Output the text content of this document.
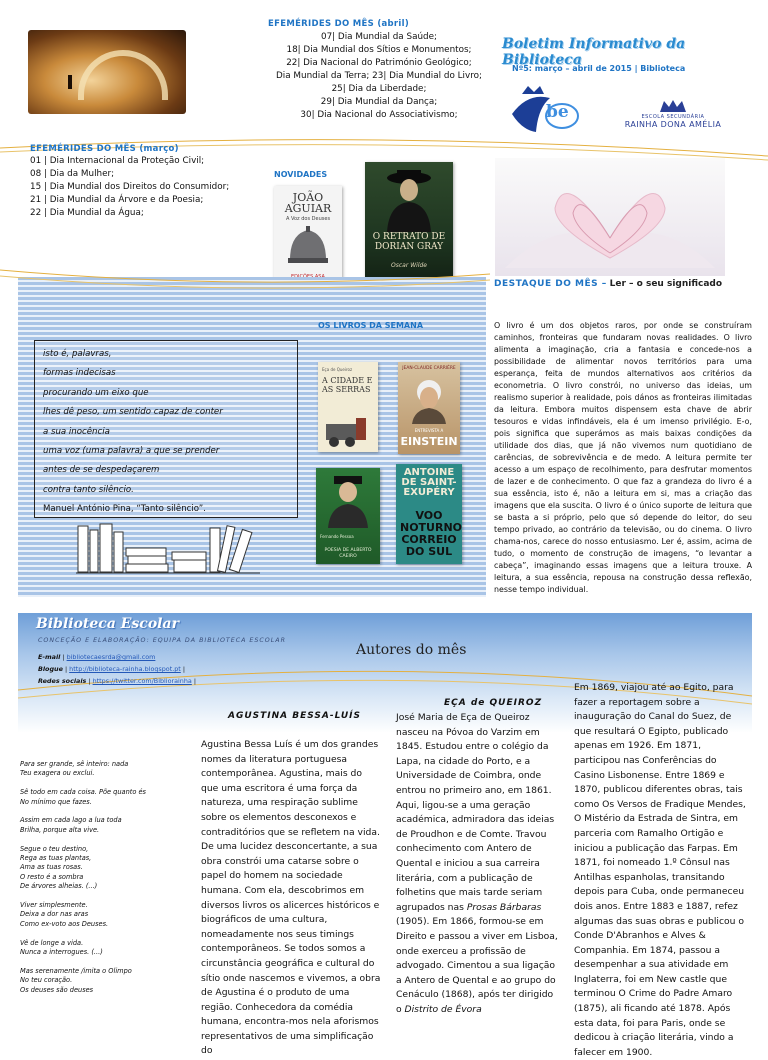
EFEMÉRIDES DO MÊS (abril)
07| Dia Mundial da Saúde;
18| Dia Mundial dos Sítios e Monumentos;
22| Dia Nacional do Património Geológico;
Dia Mundial da Terra; 23| Dia Mundial do Livro;
25| Dia da Liberdade;
29| Dia Mundial da Dança;
30| Dia Nacional do Associativismo;
Boletim Informativo da Biblioteca
Nº5: março – abril de 2015 | Biblioteca
be	ESCOLA SECUNDÁRIA
RAINHA DONA AMÉLIA
EFEMÉRIDES DO MÊS (março)
01 | Dia Internacional da Proteção Civil;
08 | Dia da Mulher;
15 | Dia Mundial dos Direitos do Consumidor;
21 | Dia Mundial da Árvore e da Poesia;
22 | Dia Mundial da Água;
NOVIDADES
JOÃO AGUIAR
A Voz dos Deuses
O RETRATO DE DORIAN GRAY
Oscar Wilde
DESTAQUE DO MÊS – Ler – o seu significado
OS LIVROS DA SEMANA
Eça de Queiroz
A CIDADE E AS SERRAS
JEAN-CLAUDE CARRIÈRE
ENTREVISTA A
EINSTEIN
POESIA DE ALBERTO CAEIRO
Fernando Pessoa
ANTOINE DE SAINT-EXUPÉRY
VOO NOTURNO CORREIO DO SUL
isto é, palavras,
formas indecisas
procurando um eixo que
lhes dê peso, um sentido capaz de conter
a sua inocência
uma voz (uma palavra) a que se prender
antes de se despedaçarem
contra tanto silêncio.
Manuel António Pina, “Tanto silêncio”.
O livro é um dos objetos raros, por onde se construíram caminhos, fronteiras que fundaram novas realidades. O livro alimenta a imaginação, cria a fantasia e concede-nos a possibilidade de alimentar novos territórios para uma esperança, feita de mundos alternativos aos critérios da econometria. O livro constrói, no universo das ideias, um realismo superior à realidade, pois dános as fronteiras ilimitadas da leitura. Embora muitos dispensem esta chave de abrir tesouros e vidas infindáveis, ela é um imenso privilégio. E-o, pois significa que superámos as mais baixas condições da utilidade dos dias, que já não vivemos num quotidiano de carências, de sobrevivência e de medo. A leitura permite ter acesso a um espaço de recolhimento, para desfrutar momentos de lazer e de conhecimento. O que faz a grandeza do livro é a sua essência, isto é, não a leitura em si, mas a criação das imagens que ela suscita. O livro é o único suporte de leitura que se basta a si próprio, pelo que só depende do leitor, do seu tempo privado, ao contrário da televisão, ou do cinema. O livro chama-nos, carece do nosso entusiasmo. Ler é, assim, acima de tudo, o momento de construção de imagens, “o levantar a cabeça”, imaginando essas imagens que a leitura trouxe. A leitura, a sua essência, repousa na construção dessa reflexão, nesse tempo individual.
Biblioteca Escolar
CONCEÇÃO E ELABORAÇÃO: EQUIPA DA BIBLIOTECA ESCOLAR
E-mail | bibliotecaesrda@gmail.com
Blogue | http://biblioteca-rainha.blogspot.pt |
Redes sociais | https://twitter.com/Bibliorainha |
Autores do mês
Para ser grande, sê inteiro: nada
Teu exagera ou exclui.
Sê todo em cada coisa. Põe quanto és
No mínimo que fazes.
Assim em cada lago a lua toda
Brilha, porque alta vive.
Segue o teu destino,
Rega as tuas plantas,
Ama as tuas rosas.
O resto é a sombra
De árvores alheias. (...)
Viver simplesmente.
Deixa a dor nas aras
Como ex-voto aos Deuses.
Vê de longe a vida.
Nunca a interrogues. (...)
Mas serenamente /imita o Olimpo
No teu coração.
Os deuses são deuses
AGUSTINA BESSA-LUÍS
Agustina Bessa Luís é um dos grandes nomes da literatura portuguesa contemporânea. Agustina, mais do que uma escritora é uma força da natureza, uma respiração sublime sobre os elementos desconexos e contraditórios que se refletem na vida. De uma lucidez desconcertante, a sua obra constrói uma catarse sobre o papel do homem na sociedade humana. Com ela, descobrimos em diversos livros os alicerces históricos e biográficos de uma cultura, nomeadamente nos seus timings contemporâneos. Se todos somos a circunstância geográfica e cultural do sítio onde nascemos e vivemos, a obra de Agustina é o produto de uma região. Conhecedora da comédia humana, encontra-mos nela aforismos representativos de uma simplificação do
EÇA de QUEIROZ
José Maria de Eça de Queiroz nasceu na Póvoa do Varzim em 1845. Estudou entre o colégio da Lapa, na cidade do Porto, e a Universidade de Coimbra, onde entrou no primeiro ano, em 1861. Aqui, ligou-se a uma geração académica, admiradora das ideias de Proudhon e de Comte. Travou conhecimento com Antero de Quental e iniciou a sua carreira literária, com a publicação de folhetins que mais tarde seriam agrupados nas Prosas Bárbaras (1905). Em 1866, formou-se em Direito e passou a viver em Lisboa, onde exerceu a profissão de advogado. Cimentou a sua ligação a Antero de Quental e ao grupo do Cenáculo (1868), após ter dirigido o Distrito de Évora
Em 1869, viajou até ao Egito, para fazer a reportagem sobre a inauguração do Canal do Suez, de que resultará O Egipto, publicado apenas em 1926. Em 1871, participou nas Conferências do Casino Lisbonense. Entre 1869 e 1870, publicou diferentes obras, tais como Os Versos de Fradique Mendes, O Mistério da Estrada de Sintra, em parceria com Ramalho Ortigão e iniciou a publicação das Farpas. Em 1871, foi nomeado 1.º Cônsul nas Antilhas espanholas, transitando depois para Cuba, onde permaneceu dois anos. Entre 1883 e 1887, refez algumas das suas obras e publicou o Conde D'Abranhos e Alves & Companhia. Em 1874, passou a desempenhar a sua atividade em Inglaterra, foi em New castle que terminou O Crime do Padre Amaro (1875), ali ficando até 1878. Após esta data, foi para Paris, onde se dedicou à criação literária, vindo a falecer em 1900.
